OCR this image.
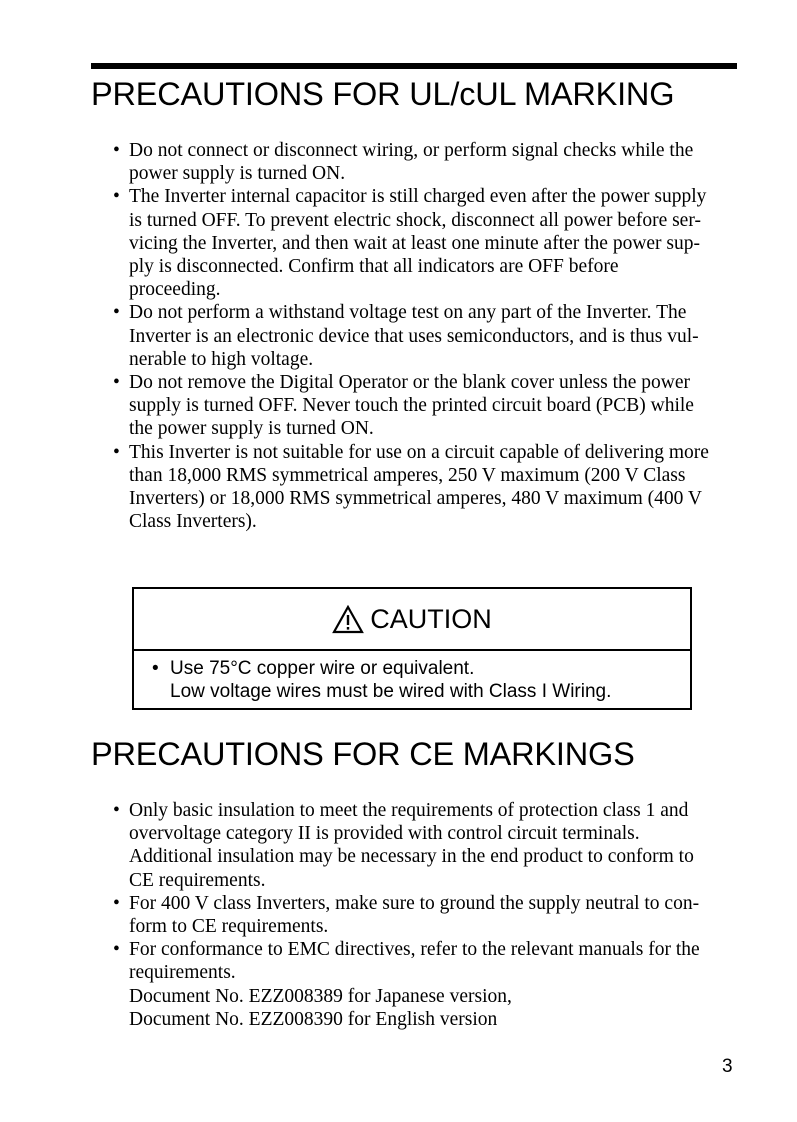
PRECAUTIONS FOR UL/cUL MARKING
• Do not connect or disconnect wiring, or perform signal checks while the
power supply is turned ON.
• The Inverter internal capacitor is still charged even after the power supply
is turned OFF. To prevent electric shock, disconnect all power before ser-
vicing the Inverter, and then wait at least one minute after the power sup-
ply is disconnected. Confirm that all indicators are OFF before
proceeding.
• Do not perform a withstand voltage test on any part of the Inverter. The
Inverter is an electronic device that uses semiconductors, and is thus vul-
nerable to high voltage.
• Do not remove the Digital Operator or the blank cover unless the power
supply is turned OFF. Never touch the printed circuit board (PCB) while
the power supply is turned ON.
• This Inverter is not suitable for use on a circuit capable of delivering more
than 18,000 RMS symmetrical amperes, 250 V maximum (200 V Class
Inverters) or 18,000 RMS symmetrical amperes, 480 V maximum (400 V
Class Inverters).
CAUTION
• Use 75°C copper wire or equivalent.
Low voltage wires must be wired with Class I Wiring.
PRECAUTIONS FOR CE MARKINGS
• Only basic insulation to meet the requirements of protection class 1 and
overvoltage category II is provided with control circuit terminals.
Additional insulation may be necessary in the end product to conform to
CE requirements.
• For 400 V class Inverters, make sure to ground the supply neutral to con-
form to CE requirements.
• For conformance to EMC directives, refer to the relevant manuals for the
requirements.
Document No. EZZ008389 for Japanese version,
Document No. EZZ008390 for English version
3
